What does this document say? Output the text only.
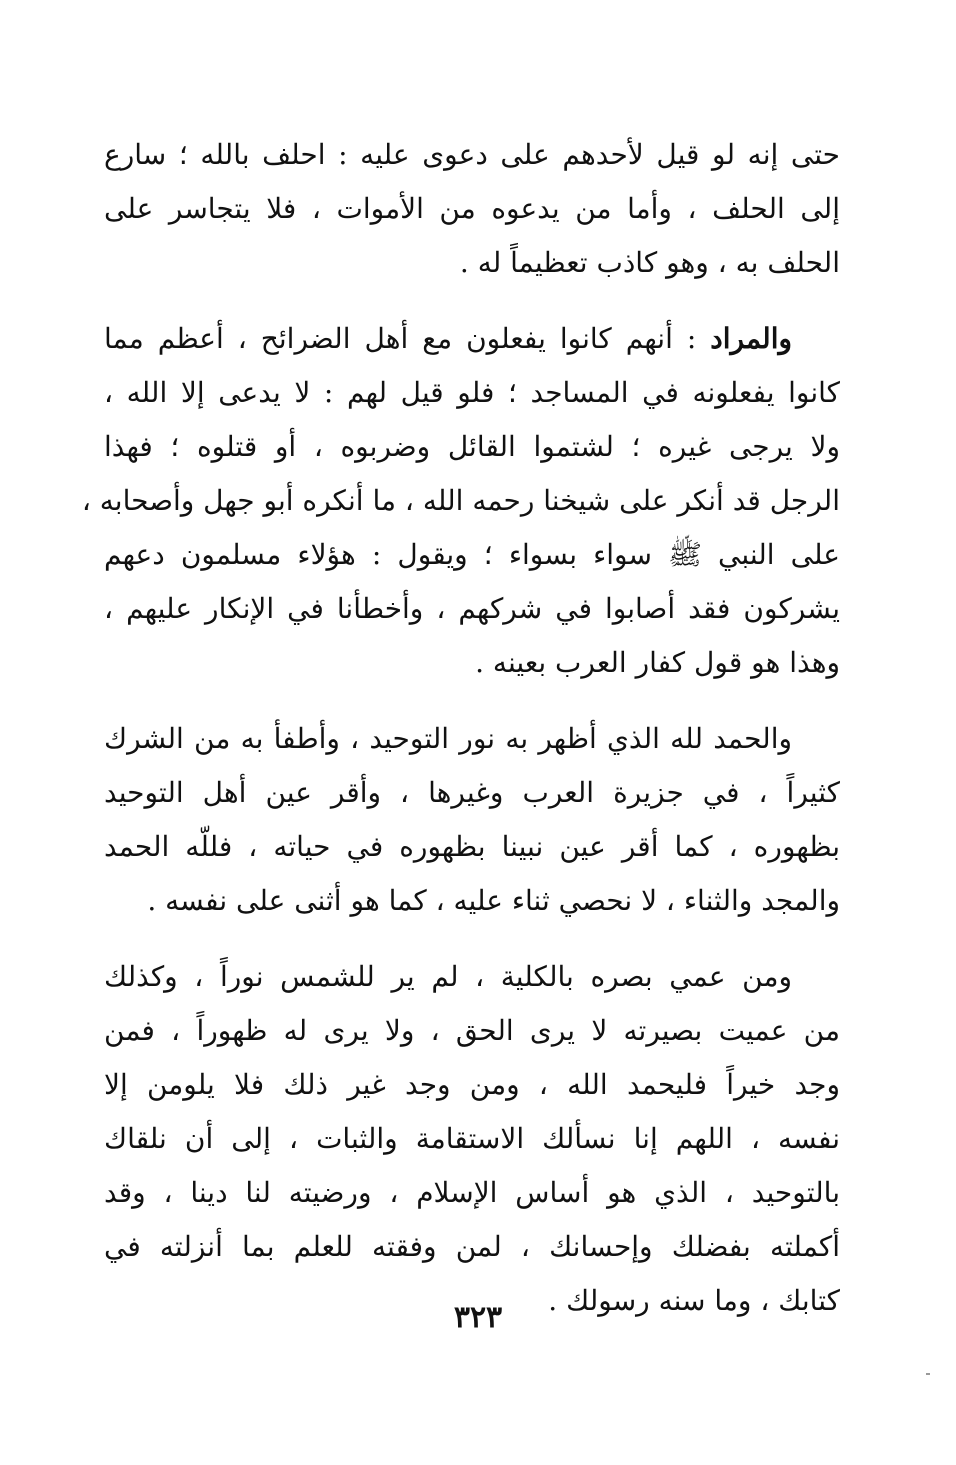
حتى إنه لو قيل لأحدهم على دعوى عليه : احلف بالله ؛ سارع
إلى الحلف ، وأما من يدعوه من الأموات ، فلا يتجاسر على
الحلف به ، وهو كاذب تعظيماً له .
والمراد : أنهم كانوا يفعلون مع أهل الضرائح ، أعظم مما
كانوا يفعلونه في المساجد ؛ فلو قيل لهم : لا يدعى إلا الله ،
ولا يرجى غيره ؛ لشتموا القائل وضربوه ، أو قتلوه ؛ فهذا
الرجل قد أنكر على شيخنا رحمه الله ، ما أنكره أبو جهل وأصحابه ،
على النبي ﷺ سواء بسواء ؛ ويقول : هؤلاء مسلمون دعهم
يشركون فقد أصابوا في شركهم ، وأخطأنا في الإنكار عليهم ،
وهذا هو قول كفار العرب بعينه .
والحمد لله الذي أظهر به نور التوحيد ، وأطفأ به من الشرك
كثيراً ، في جزيرة العرب وغيرها ، وأقر عين أهل التوحيد
بظهوره ، كما أقر عين نبينا بظهوره في حياته ، فللّه الحمد
والمجد والثناء ، لا نحصي ثناء عليه ، كما هو أثنى على نفسه .
ومن عمي بصره بالكلية ، لم ير للشمس نوراً ، وكذلك
من عميت بصيرته لا يرى الحق ، ولا يرى له ظهوراً ، فمن
وجد خيراً فليحمد الله ، ومن وجد غير ذلك فلا يلومن إلا
نفسه ، اللهم إنا نسألك الاستقامة والثبات ، إلى أن نلقاك
بالتوحيد ، الذي هو أساس الإسلام ، ورضيته لنا دينا ، وقد
أكملته بفضلك وإحسانك ، لمن وفقته للعلم بما أنزلته في
كتابك ، وما سنه رسولك .
٣٢٣
